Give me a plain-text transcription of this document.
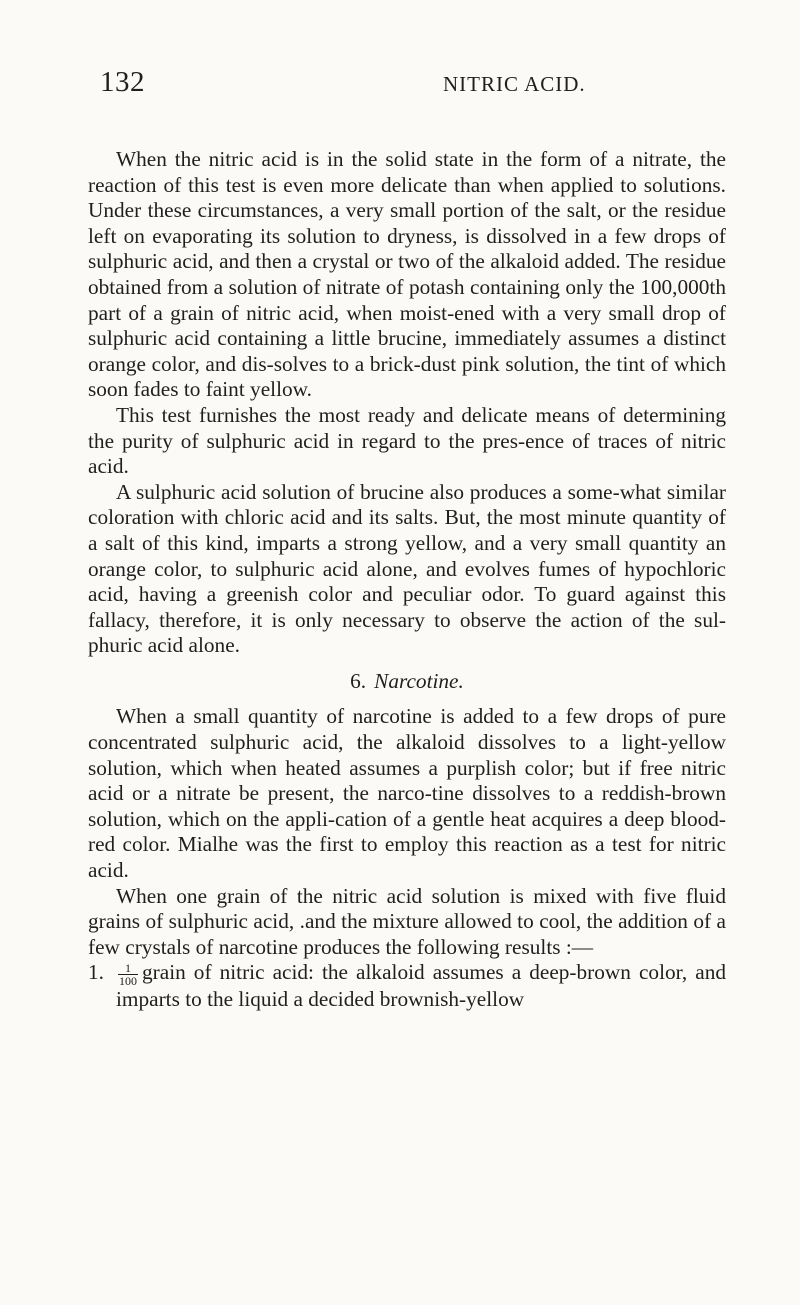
132	NITRIC ACID.

When the nitric acid is in the solid state in the form of a nitrate, the reaction of this test is even more delicate than when applied to solutions. Under these circumstances, a very small portion of the salt, or the residue left on evaporating its solution to dryness, is dissolved in a few drops of sulphuric acid, and then a crystal or two of the alkaloid added. The residue obtained from a solution of nitrate of potash containing only the 100,000th part of a grain of nitric acid, when moist-ened with a very small drop of sulphuric acid containing a little brucine, immediately assumes a distinct orange color, and dis-solves to a brick-dust pink solution, the tint of which soon fades to faint yellow.

This test furnishes the most ready and delicate means of determining the purity of sulphuric acid in regard to the pres-ence of traces of nitric acid.

A sulphuric acid solution of brucine also produces a some-what similar coloration with chloric acid and its salts. But, the most minute quantity of a salt of this kind, imparts a strong yellow, and a very small quantity an orange color, to sulphuric acid alone, and evolves fumes of hypochloric acid, having a greenish color and peculiar odor. To guard against this fallacy, therefore, it is only necessary to observe the action of the sul-phuric acid alone.

6. Narcotine.

When a small quantity of narcotine is added to a few drops of pure concentrated sulphuric acid, the alkaloid dissolves to a light-yellow solution, which when heated assumes a purplish color; but if free nitric acid or a nitrate be present, the narco-tine dissolves to a reddish-brown solution, which on the appli-cation of a gentle heat acquires a deep blood-red color. Mialhe was the first to employ this reaction as a test for nitric acid.

When one grain of the nitric acid solution is mixed with five fluid grains of sulphuric acid, .and the mixture allowed to cool, the addition of a few crystals of narcotine produces the following results :—

1. $\frac{1}{100}$ grain of nitric acid: the alkaloid assumes a deep-brown color, and imparts to the liquid a decided brownish-yellow
